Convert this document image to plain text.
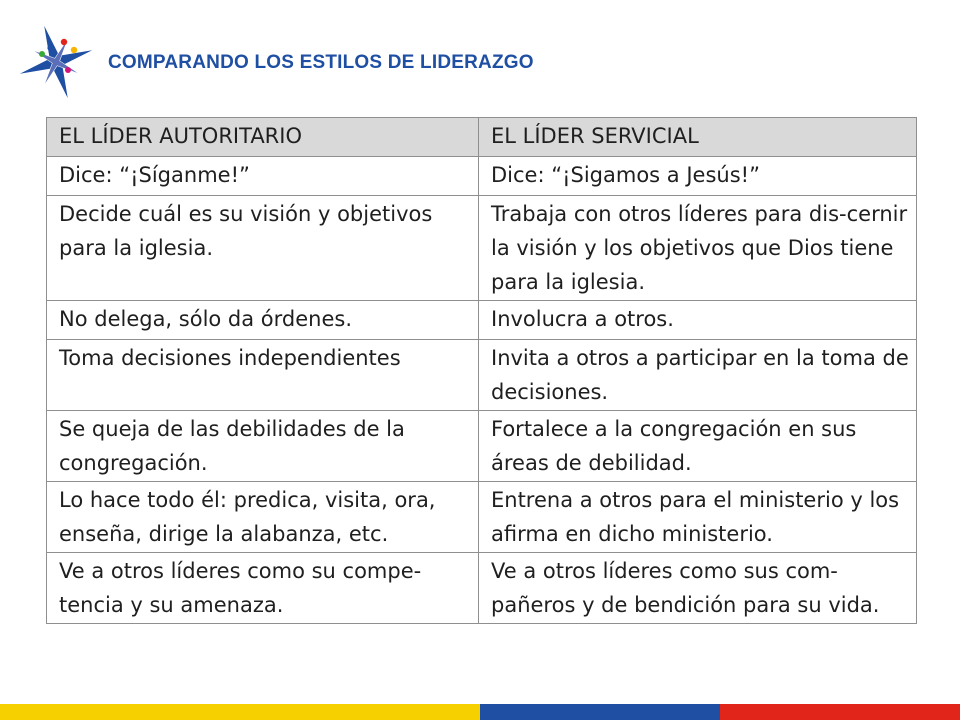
COMPARANDO LOS ESTILOS DE LIDERAZGO
EL LÍDER AUTORITARIO	EL LÍDER SERVICIAL
Dice: “¡Síganme!”	Dice: “¡Sigamos a Jesús!”
Decide cuál es su visión y objetivos para la iglesia.	Trabaja con otros líderes para dis-cernir la visión y los objetivos que Dios tiene para la iglesia.
No delega, sólo da órdenes.	Involucra a otros.
Toma decisiones independientes	Invita a otros a participar en la toma de decisiones.
Se queja de las debilidades de la congregación.	Fortalece a la congregación en sus áreas de debilidad.
Lo hace todo él: predica, visita, ora, enseña, dirige la alabanza, etc.	Entrena a otros para el ministerio y los afirma en dicho ministerio.
Ve a otros líderes como su compe-tencia y su amenaza.	Ve a otros líderes como sus com-pañeros y de bendición para su vida.
